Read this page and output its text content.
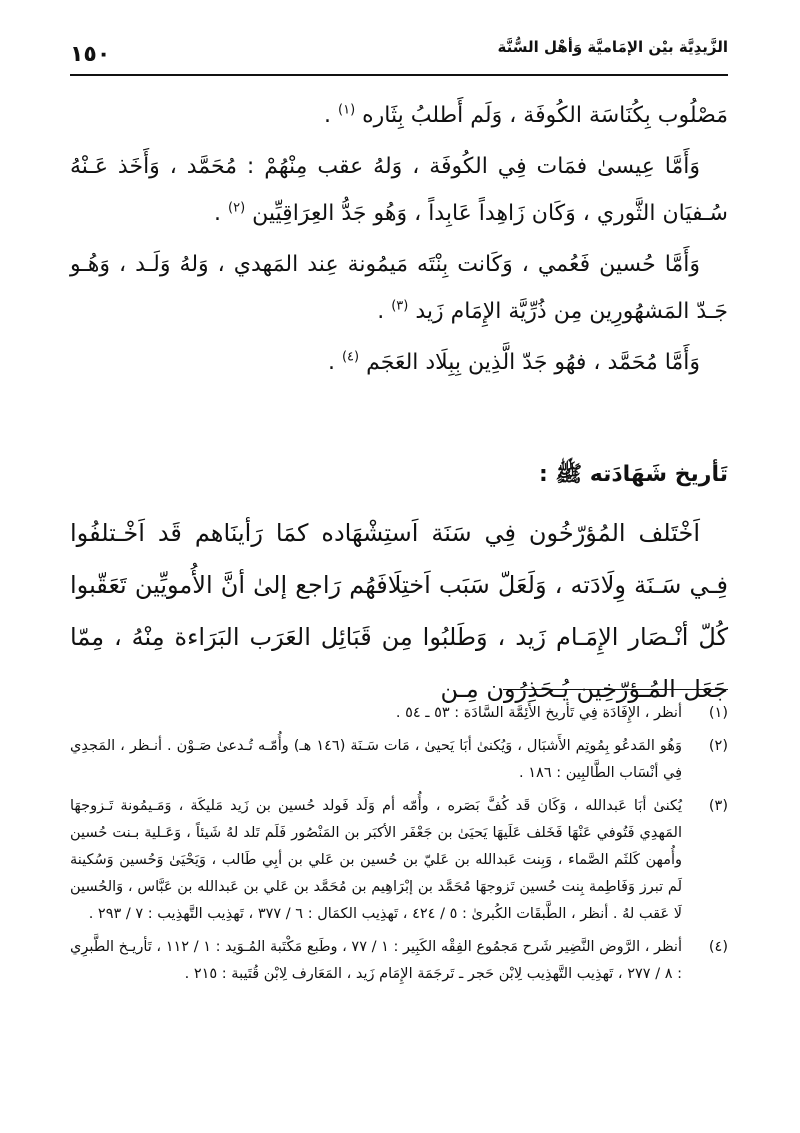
الزَّيدِيَّة بيْن الإمَاميَّة وَأهْل السُّنَّة
١٥٠

مَصْلُوب بِكُنَاسَة الكُوفَة ، وَلَم أَطلبُ بِثَاره $^{(١)}$ .

وَأَمَّا عِيسىٰ فمَات فِي الكُوفَة ، وَلهُ عقب مِنْهُمْ : مُحَمَّد ، وَأَخَذ عَـنْهُ سُـفيَان الثَّوري ، وَكَان زَاهِداً عَابِداً ، وَهُو جَدُّ العِرَاقِيِّين $^{(٢)}$ .

وَأَمَّا حُسين فَعُمي ، وَكَانت بِنْتَه مَيمُونة عِند المَهدي ، وَلهُ وَلَـد ، وَهُـو جَـدّ المَشهُورِين مِن ذُرِّيَّة الإِمَام زَيد $^{(٣)}$ .

وَأَمَّا مُحَمَّد ، فهُو جَدّ الَّذِين بِبِلَاد العَجَم $^{(٤)}$ .

تَأريخ شَهَادَته ﷺ :

اَخْتَلف المُؤرّخُون فِي سَنَة اَستِشْهَاده كمَا رَأينَاهم قَد اَخْـتلفُوا فِـي سَـنَة وِلَادَته ، وَلَعَلّ سَبَب اَختِلَافَهُم رَاجع إلىٰ أنَّ الأُمويِّين تَعَقّبوا كُلّ أنْـصَار الإِمَـام زَيد ، وَطَلبُوا مِن قَبَائِل العَرَب البَرَاءة مِنْهُ ، مِمّا جَعَل المُـؤرّخِين يُـحَذِرُون مِـن

(١)
أنظر ، الإِفَادَة فِي تَأريخ الأَئِمَّة السَّادَة : ٥٣ ـ ٥٤ .

(٢)
وَهُو المَدعُو بِمُوتِم الأَشبَال ، وَيُكنىٰ أبَا يَحيىٰ ، مَات سَـنَة (١٤٦ هـ) وأُمّـه تُـدعىٰ صَـوْن . أنـظر ، المَجدِي فِي أنْسَاب الطَّالبِين : ١٨٦ .

(٣)
يُكنىٰ أبَا عَبدالله ، وَكَان قَد كُفَّ بَصَره ، وأُمّه أم وَلَد فَولد حُسين بن زَيد مَليكَة ، وَمَـيمُونة تَـزوجهَا المَهدِي فَتُوفي عَنْهَا فَخَلف عَلَيهَا يَحيَىٰ بن جَعْفَر الأكبَر بن المَنْصُور فَلَم تَلد لهُ شَيئاً ، وَعَـلية بـنت حُسين وأُمهن كَلثَم الصَّماء ، وَبِنت عَبدالله بن عَليّ بن حُسين بن عَلي بن أبِي طَالب ، وَيَحْيَىٰ وَحُسين وَسُكينة لَم تبرز وَفَاطِمة بِنت حُسين تَزوجهَا مُحَمَّد بن إبْرَاهِيم بن مُحَمَّد بن عَلي بن عَبدالله بن عَبَّاس ، وَالحُسين لَا عَقب لهُ . أنظر ، الطَّبقَات الكُبرىٰ : ٥ / ٤٢٤ ، تَهذِيب الكمَال : ٦ / ٣٧٧ ، تَهذِيب التَّهذِيب : ٧ / ٢٩٣ .

(٤)
أنظر ، الرَّوض النَّضِير شَرح مَجمُوع الفِقْه الكَبِير : ١ / ٧٧ ، وطَبع مَكْتَبة المُـوَيد : ١ / ١١٢ ، تَأريـخ الطَّبرِي : ٨ / ٢٧٧ ، تَهذِيب التَّهذِيب لِابْن حَجر ـ تَرجَمَة الإِمَام زَيد ، المَعَارف لِابْن قُتَيبة : ٢١٥ .
